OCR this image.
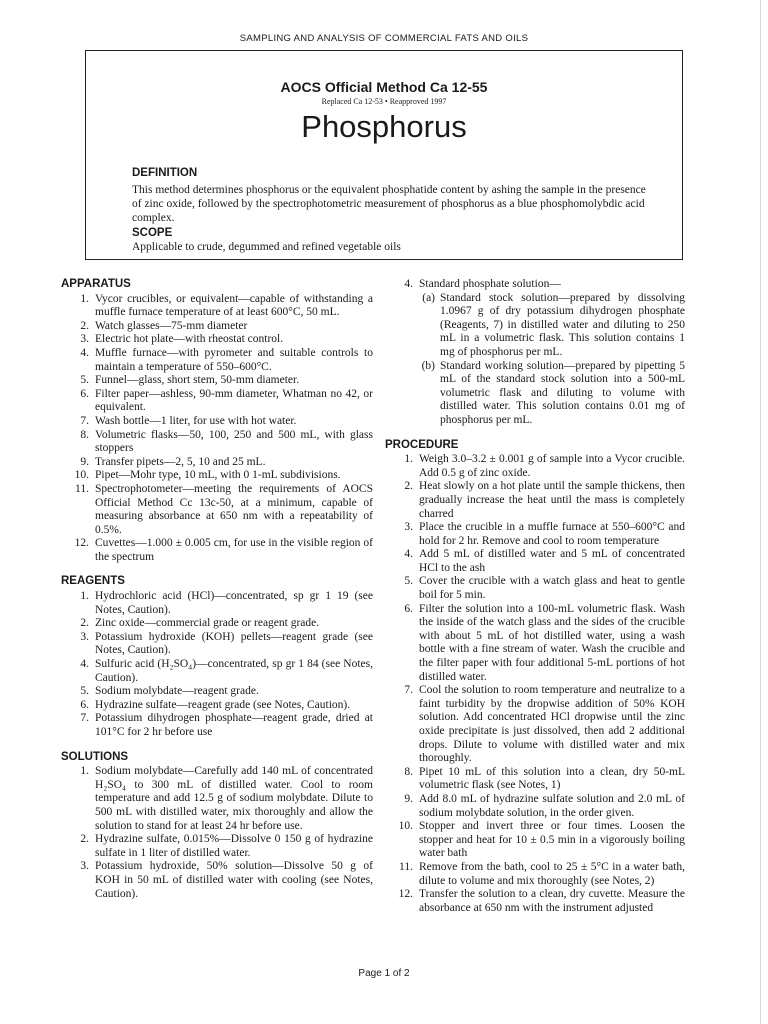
SAMPLING AND ANALYSIS OF COMMERCIAL FATS AND OILS
AOCS Official Method Ca 12-55
Replaced Ca 12-53 • Reapproved 1997
Phosphorus
DEFINITION
This method determines phosphorus or the equivalent phosphatide content by ashing the sample in the presence of zinc oxide, followed by the spectrophotometric measurement of phosphorus as a blue phosphomolybdic acid complex.
SCOPE
Applicable to crude, degummed and refined vegetable oils
APPARATUS
1. Vycor crucibles, or equivalent—capable of withstanding a muffle furnace temperature of at least 600°C, 50 mL.
2. Watch glasses—75-mm diameter
3. Electric hot plate—with rheostat control.
4. Muffle furnace—with pyrometer and suitable controls to maintain a temperature of 550–600°C.
5. Funnel—glass, short stem, 50-mm diameter.
6. Filter paper—ashless, 90-mm diameter, Whatman no 42, or equivalent.
7. Wash bottle—1 liter, for use with hot water.
8. Volumetric flasks—50, 100, 250 and 500 mL, with glass stoppers
9. Transfer pipets—2, 5, 10 and 25 mL.
10. Pipet—Mohr type, 10 mL, with 0 1-mL subdivisions.
11. Spectrophotometer—meeting the requirements of AOCS Official Method Cc 13c-50, at a minimum, capable of measuring absorbance at 650 nm with a repeatability of 0.5%.
12. Cuvettes—1.000 ± 0.005 cm, for use in the visible region of the spectrum
REAGENTS
1. Hydrochloric acid (HCl)—concentrated, sp gr 1 19 (see Notes, Caution).
2. Zinc oxide—commercial grade or reagent grade.
3. Potassium hydroxide (KOH) pellets—reagent grade (see Notes, Caution).
4. Sulfuric acid (H₂SO₄)—concentrated, sp gr 1 84 (see Notes, Caution).
5. Sodium molybdate—reagent grade.
6. Hydrazine sulfate—reagent grade (see Notes, Caution).
7. Potassium dihydrogen phosphate—reagent grade, dried at 101°C for 2 hr before use
SOLUTIONS
1. Sodium molybdate—Carefully add 140 mL of concentrated H₂SO₄ to 300 mL of distilled water. Cool to room temperature and add 12.5 g of sodium molybdate. Dilute to 500 mL with distilled water, mix thoroughly and allow the solution to stand for at least 24 hr before use.
2. Hydrazine sulfate, 0.015%—Dissolve 0 150 g of hydrazine sulfate in 1 liter of distilled water.
3. Potassium hydroxide, 50% solution—Dissolve 50 g of KOH in 50 mL of distilled water with cooling (see Notes, Caution).
4. Standard phosphate solution—
(a) Standard stock solution—prepared by dissolving 1.0967 g of dry potassium dihydrogen phosphate (Reagents, 7) in distilled water and diluting to 250 mL in a volumetric flask. This solution contains 1 mg of phosphorus per mL.
(b) Standard working solution—prepared by pipetting 5 mL of the standard stock solution into a 500-mL volumetric flask and diluting to volume with distilled water. This solution contains 0.01 mg of phosphorus per mL.
PROCEDURE
1. Weigh 3.0–3.2 ± 0.001 g of sample into a Vycor crucible. Add 0.5 g of zinc oxide.
2. Heat slowly on a hot plate until the sample thickens, then gradually increase the heat until the mass is completely charred
3. Place the crucible in a muffle furnace at 550–600°C and hold for 2 hr. Remove and cool to room temperature
4. Add 5 mL of distilled water and 5 mL of concentrated HCl to the ash
5. Cover the crucible with a watch glass and heat to gentle boil for 5 min.
6. Filter the solution into a 100-mL volumetric flask. Wash the inside of the watch glass and the sides of the crucible with about 5 mL of hot distilled water, using a wash bottle with a fine stream of water. Wash the crucible and the filter paper with four additional 5-mL portions of hot distilled water.
7. Cool the solution to room temperature and neutralize to a faint turbidity by the dropwise addition of 50% KOH solution. Add concentrated HCl dropwise until the zinc oxide precipitate is just dissolved, then add 2 additional drops. Dilute to volume with distilled water and mix thoroughly.
8. Pipet 10 mL of this solution into a clean, dry 50-mL volumetric flask (see Notes, 1)
9. Add 8.0 mL of hydrazine sulfate solution and 2.0 mL of sodium molybdate solution, in the order given.
10. Stopper and invert three or four times. Loosen the stopper and heat for 10 ± 0.5 min in a vigorously boiling water bath
11. Remove from the bath, cool to 25 ± 5°C in a water bath, dilute to volume and mix thoroughly (see Notes, 2)
12. Transfer the solution to a clean, dry cuvette. Measure the absorbance at 650 nm with the instrument adjusted
Page 1 of 2
